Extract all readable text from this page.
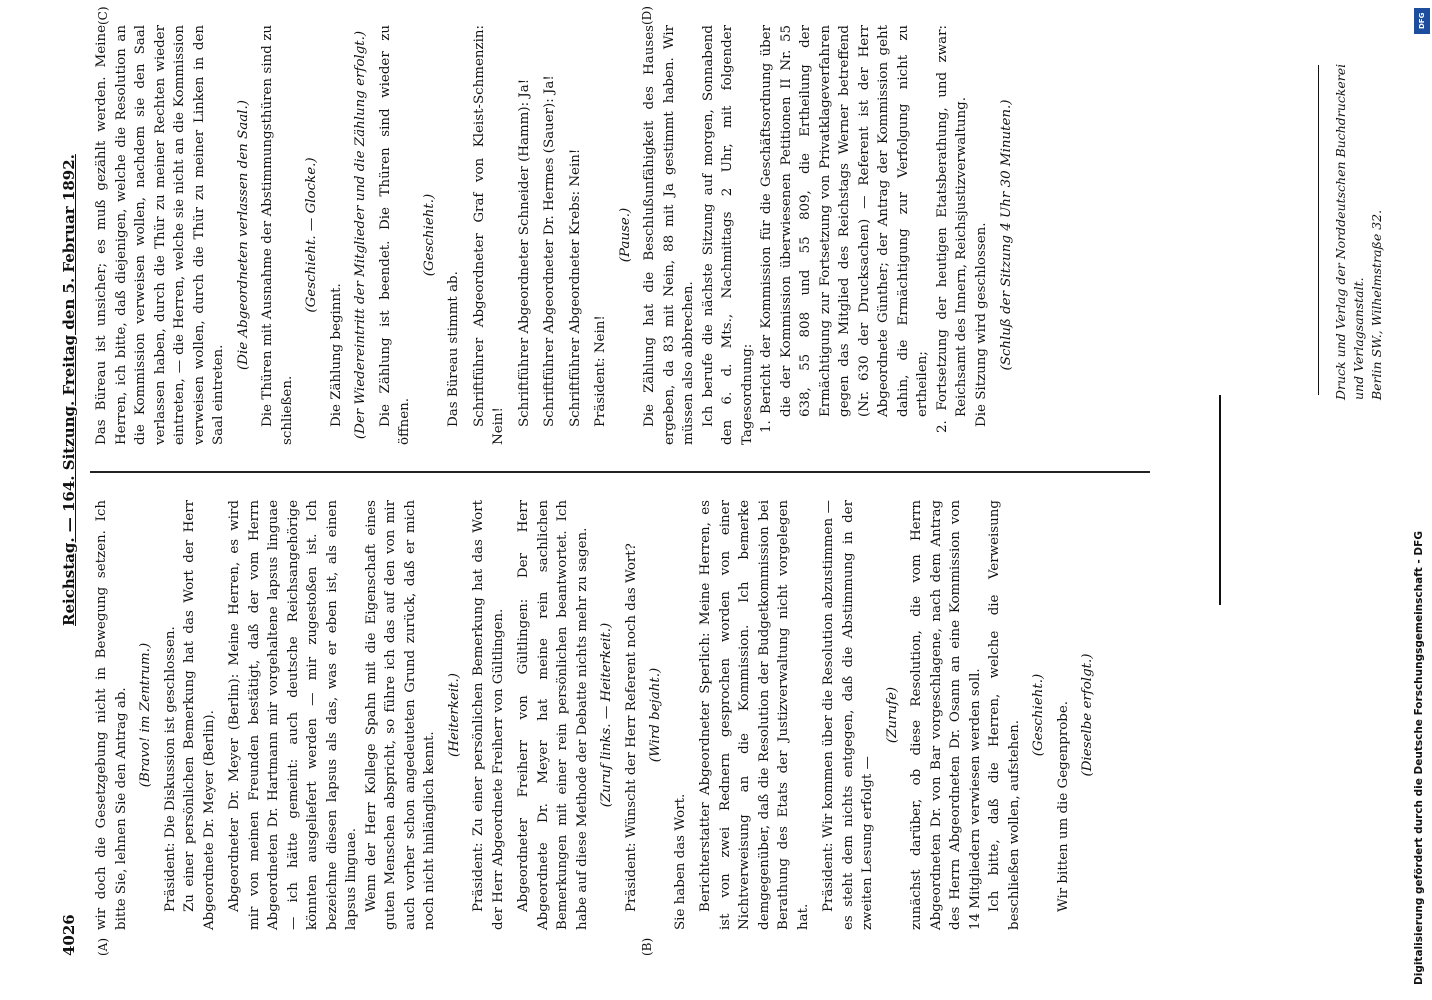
4026
Reichstag. — 164. Sitzung. Freitag den 5. Februar 1892.
(A)	(B)
(C)	(D)

wir doch die Gesetzgebung nicht in Bewegung setzen. Ich bitte Sie, lehnen Sie den Antrag ab. (Bravo! im Zentrum.) Präsident: Die Diskussion ist geschlossen. Zu einer persönlichen Bemerkung hat das Wort der Herr Abgeordnete Dr. Meyer (Berlin). Abgeordneter Dr. Meyer (Berlin): Meine Herren, es wird mir von meinen Freunden bestätigt, daß der vom Herrn Abgeordneten Dr. Hartmann mir vorgehaltene lapsus linguae — ich hätte gemeint: auch deutsche Reichsangehörige könnten ausgeliefert werden — mir zugestoßen ist. Ich bezeichne diesen lapsus als das, was er eben ist, als einen lapsus linguae. Wenn der Herr Kollege Spahn mit die Eigenschaft eines guten Menschen abspricht, so führe ich das auf den von mir auch vorher schon angedeuteten Grund zurück, daß er mich noch nicht hinlänglich kennt.

(Heiterkeit.) Präsident: Zu einer persönlichen Bemerkung hat das Wort der Herr Abgeordnete Freiherr von Gültlingen. Abgeordneter Freiherr von Gültlingen: Der Herr Abgeordnete Dr. Meyer hat meine rein sachlichen Bemerkungen mit einer rein persönlichen beantwortet. Ich habe auf diese Methode der Debatte nichts mehr zu sagen. (Zuruf links. — Heiterkeit.) Präsident: Wünscht der Herr Referent noch das Wort? (Wird bejaht.)

Sie haben das Wort. Berichterstatter Abgeordneter Sperlich: Meine Herren, es ist von zwei Rednern gesprochen worden von einer Nichtverweisung an die Kommission. Ich bemerke demgegenüber, daß die Resolution der Budgetkommission bei Berathung des Etats der Justizverwaltung nicht vorgelegen hat.

Präsident: Wir kommen über die Resolution abzustimmen — es steht dem nichts entgegen, daß die Abstimmung in der zweiten Lesung erfolgt —

(Zurufe) zunächst darüber, ob diese Resolution, die vom Herrn Abgeordneten Dr. von Bar vorgeschlagene, nach dem Antrag des Herrn Abgeordneten Dr. Osann an eine Kommission von 14 Mitgliedern verwiesen werden soll. Ich bitte, daß die Herren, welche die Verweisung beschließen wollen, aufstehen.

(Geschieht.) Wir bitten um die Gegenprobe. (Dieselbe erfolgt.)

Das Büreau ist unsicher; es muß gezählt werden. Meine Herren, ich bitte, daß diejenigen, welche die Resolution an die Kommission verweisen wollen, nachdem sie den Saal verlassen haben, durch die Thür zu meiner Rechten wieder eintreten, — die Herren, welche sie nicht an die Kommission verweisen wollen, durch die Thür zu meiner Linken in den Saal eintreten.

(Die Abgeordneten verlassen den Saal.) Die Thüren mit Ausnahme der Abstimmungsthüren sind zu schließen.

(Geschieht. — Glocke.)

Die Zählung beginnt. (Der Wiedereintritt der Mitglieder und die Zählung erfolgt.) Die Zählung ist beendet. Die Thüren sind wieder zu öffnen.

(Geschieht.)

Das Büreau stimmt ab. Schriftführer Abgeordneter Graf von Kleist-Schmenzin: Nein! Schriftführer Abgeordneter Schneider (Hamm): Ja! Schriftführer Abgeordneter Dr. Hermes (Sauer): Ja! Schriftführer Abgeordneter Krebs: Nein! Präsident: Nein!

(Pause.) Die Zählung hat die Beschlußunfähigkeit des Hauses ergeben, da 83 mit Nein, 88 mit Ja gestimmt haben. Wir müssen also abbrechen. Ich berufe die nächste Sitzung auf morgen, Sonnabend den 6. d. Mts., Nachmittags 2 Uhr, mit folgender Tagesordnung: 1. Bericht der Kommission für die Geschäftsordnung über die der Kommission überwiesenen Petitionen II Nr. 55 638, 55 808 und 55 809, die Ertheilung der Ermächtigung zur Fortsetzung von Privatklageverfahren gegen das Mitglied des Reichstags Werner betreffend (Nr. 630 der Drucksachen) — Referent ist der Herr Abgeordnete Günther; der Antrag der Kommission geht dahin, die Ermächtigung zur Verfolgung nicht zu ertheilen; 2. Fortsetzung der heutigen Etatsberathung, und zwar: Reichsamt des Innern, Reichsjustizverwaltung. Die Sitzung wird geschlossen. (Schluß der Sitzung 4 Uhr 30 Minuten.)	Druck und Verlag der Norddeutschen Buchdruckerei und Verlagsanstalt. Berlin SW., Wilhelmstraße 32.
DFG
Digitalisierung gefördert durch die Deutsche Forschungsgemeinschaft - DFG
